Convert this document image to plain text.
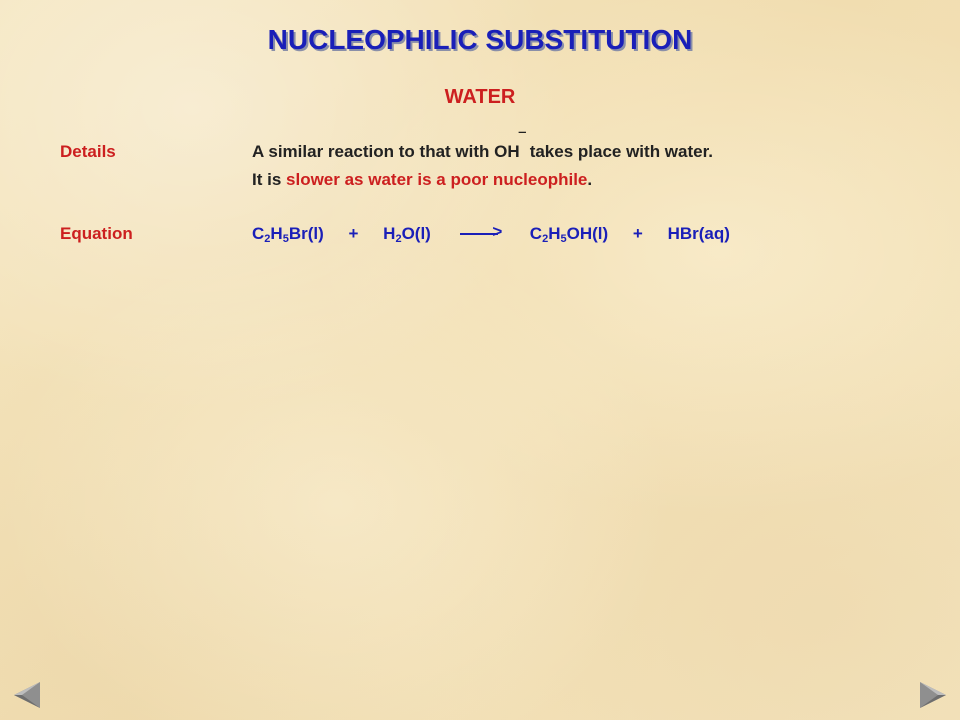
NUCLEOPHILIC SUBSTITUTION
WATER
Details	A similar reaction to that with OH‾ takes place with water.
It is slower as water is a poor nucleophile.
Equation	$C_2H_5Br(l) + H_2O(l)$	> $C_2H_5OH(l) + HBr(aq)$
